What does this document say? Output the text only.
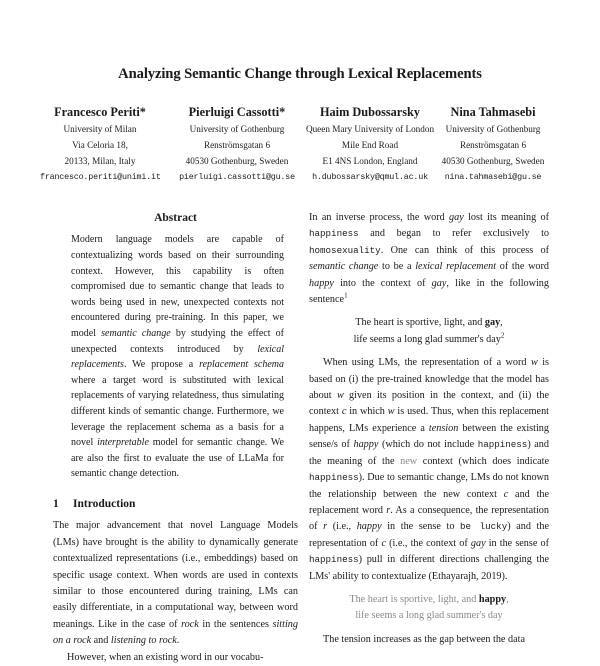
Analyzing Semantic Change through Lexical Replacements
Francesco Periti*
University of Milan
Via Celoria 18,
20133, Milan, Italy
francesco.periti@unimi.it
Pierluigi Cassotti*
University of Gothenburg
Renströmsgatan 6
40530 Gothenburg, Sweden
pierluigi.cassotti@gu.se
Haim Dubossarsky
Queen Mary University of London
Mile End Road
E1 4NS London, England
h.dubossarsky@qmul.ac.uk
Nina Tahmasebi
University of Gothenburg
Renströmsgatan 6
40530 Gothenburg, Sweden
nina.tahmasebi@gu.se
Abstract

Modern language models are capable of contextualizing words based on their surrounding context. However, this capability is often compromised due to semantic change that leads to words being used in new, unexpected contexts not encountered during pre-training. In this paper, we model semantic change by studying the effect of unexpected contexts introduced by lexical replacements. We propose a replacement schema where a target word is substituted with lexical replacements of varying relatedness, thus simulating different kinds of semantic change. Furthermore, we leverage the replacement schema as a basis for a novel interpretable model for semantic change. We are also the first to evaluate the use of LLaMa for semantic change detection.

1 Introduction

The major advancement that novel Language Models (LMs) have brought is the ability to dynamically generate contextualized representations (i.e., embeddings) based on specific usage context. When words are used in contexts similar to those encountered during training, LMs can easily differentiate, in a computational way, between word meanings. Like in the case of rock in the sentences sitting on a rock and listening to rock.

However, when an existing word in our vocabu-

In an inverse process, the word gay lost its meaning of happiness and began to refer exclusively to homosexuality. One can think of this process of semantic change to be a lexical replacement of the word happy into the context of gay, like in the following sentence$^1$

The heart is sportive, light, and gay,
life seems a long glad summer's day$^2$

When using LMs, the representation of a word w is based on (i) the pre-trained knowledge that the model has about w given its position in the context, and (ii) the context c in which w is used. Thus, when this replacement happens, LMs experience a tension between the existing sense/s of happy (which do not include happiness) and the meaning of the new context (which does indicate happiness). Due to semantic change, LMs do not known the relationship between the new context c and the replacement word r. As a consequence, the representation of r (i.e., happy in the sense to be lucky) and the representation of c (i.e., the context of gay in the sense of happiness) pull in different directions challenging the LMs' ability to contextualize (Ethayarajh, 2019).

The heart is sportive, light, and happy,
life seems a long glad summer's day

The tension increases as the gap between the data
